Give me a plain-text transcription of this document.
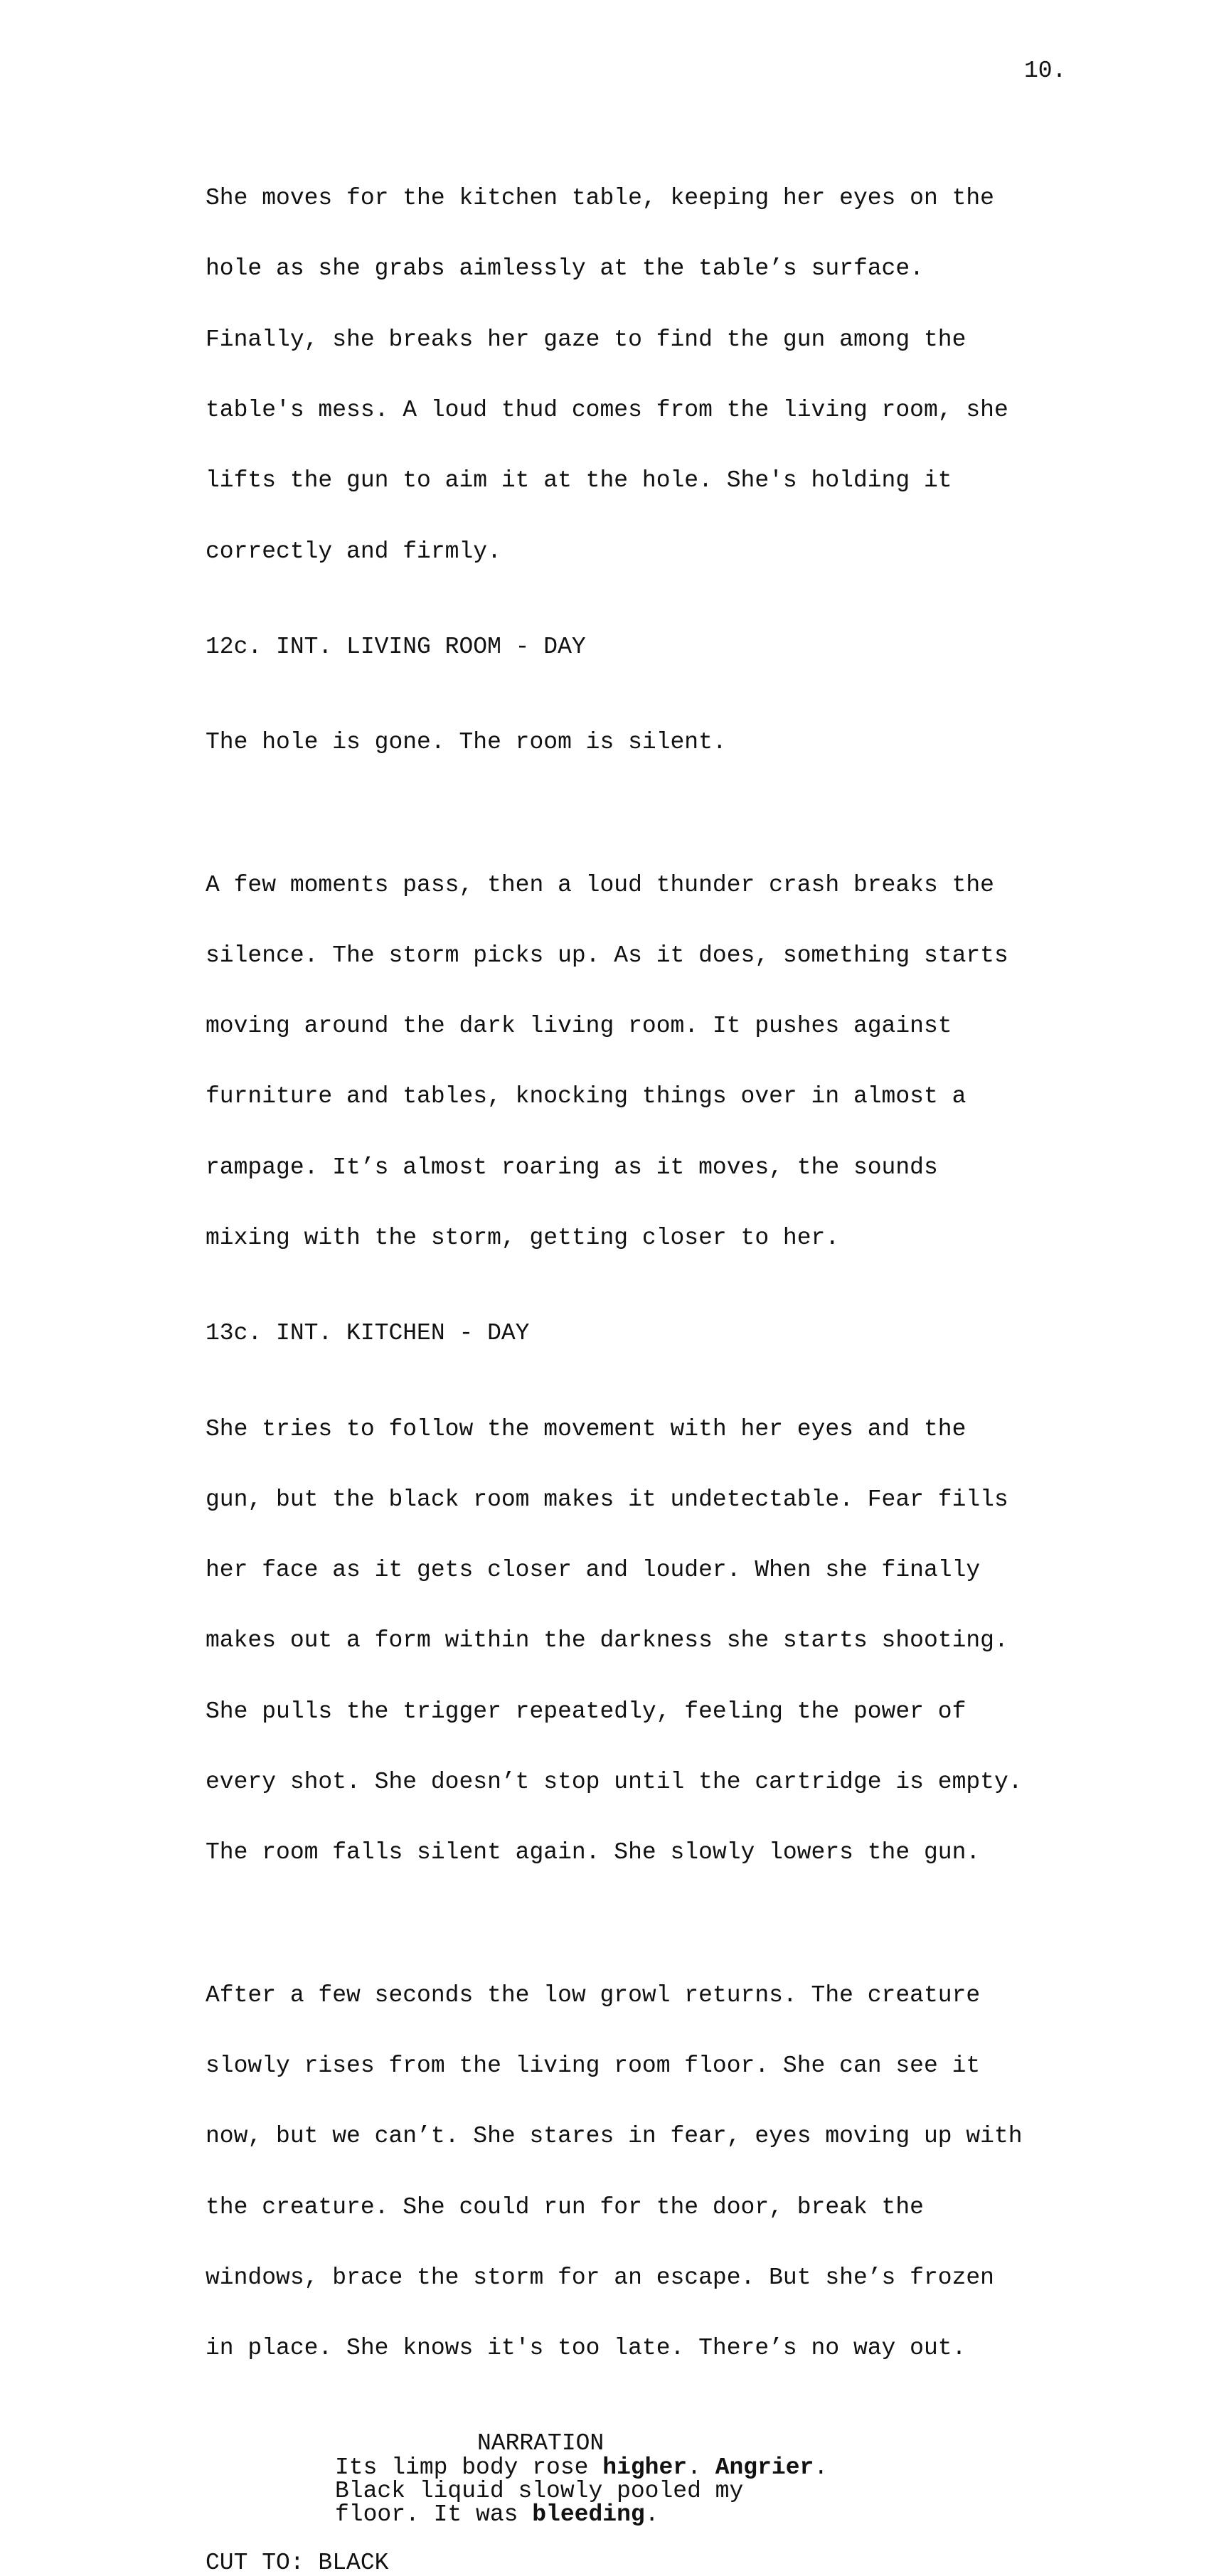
10.

She moves for the kitchen table, keeping her eyes on the

hole as she grabs aimlessly at the table’s surface.

Finally, she breaks her gaze to find the gun among the

table's mess. A loud thud comes from the living room, she

lifts the gun to aim it at the hole. She's holding it

correctly and firmly.

12c. INT. LIVING ROOM - DAY

The hole is gone. The room is silent.

A few moments pass, then a loud thunder crash breaks the

silence. The storm picks up. As it does, something starts

moving around the dark living room. It pushes against

furniture and tables, knocking things over in almost a

rampage. It’s almost roaring as it moves, the sounds

mixing with the storm, getting closer to her.

13c. INT. KITCHEN - DAY

She tries to follow the movement with her eyes and the

gun, but the black room makes it undetectable. Fear fills

her face as it gets closer and louder. When she finally

makes out a form within the darkness she starts shooting.

She pulls the trigger repeatedly, feeling the power of

every shot. She doesn’t stop until the cartridge is empty.

The room falls silent again. She slowly lowers the gun.

After a few seconds the low growl returns. The creature

slowly rises from the living room floor. She can see it

now, but we can’t. She stares in fear, eyes moving up with

the creature. She could run for the door, break the

windows, brace the storm for an escape. But she’s frozen

in place. She knows it's too late. There’s no way out.

NARRATION
Its limp body rose higher. Angrier.
Black liquid slowly pooled my
floor. It was bleeding.
CUT TO: BLACK
